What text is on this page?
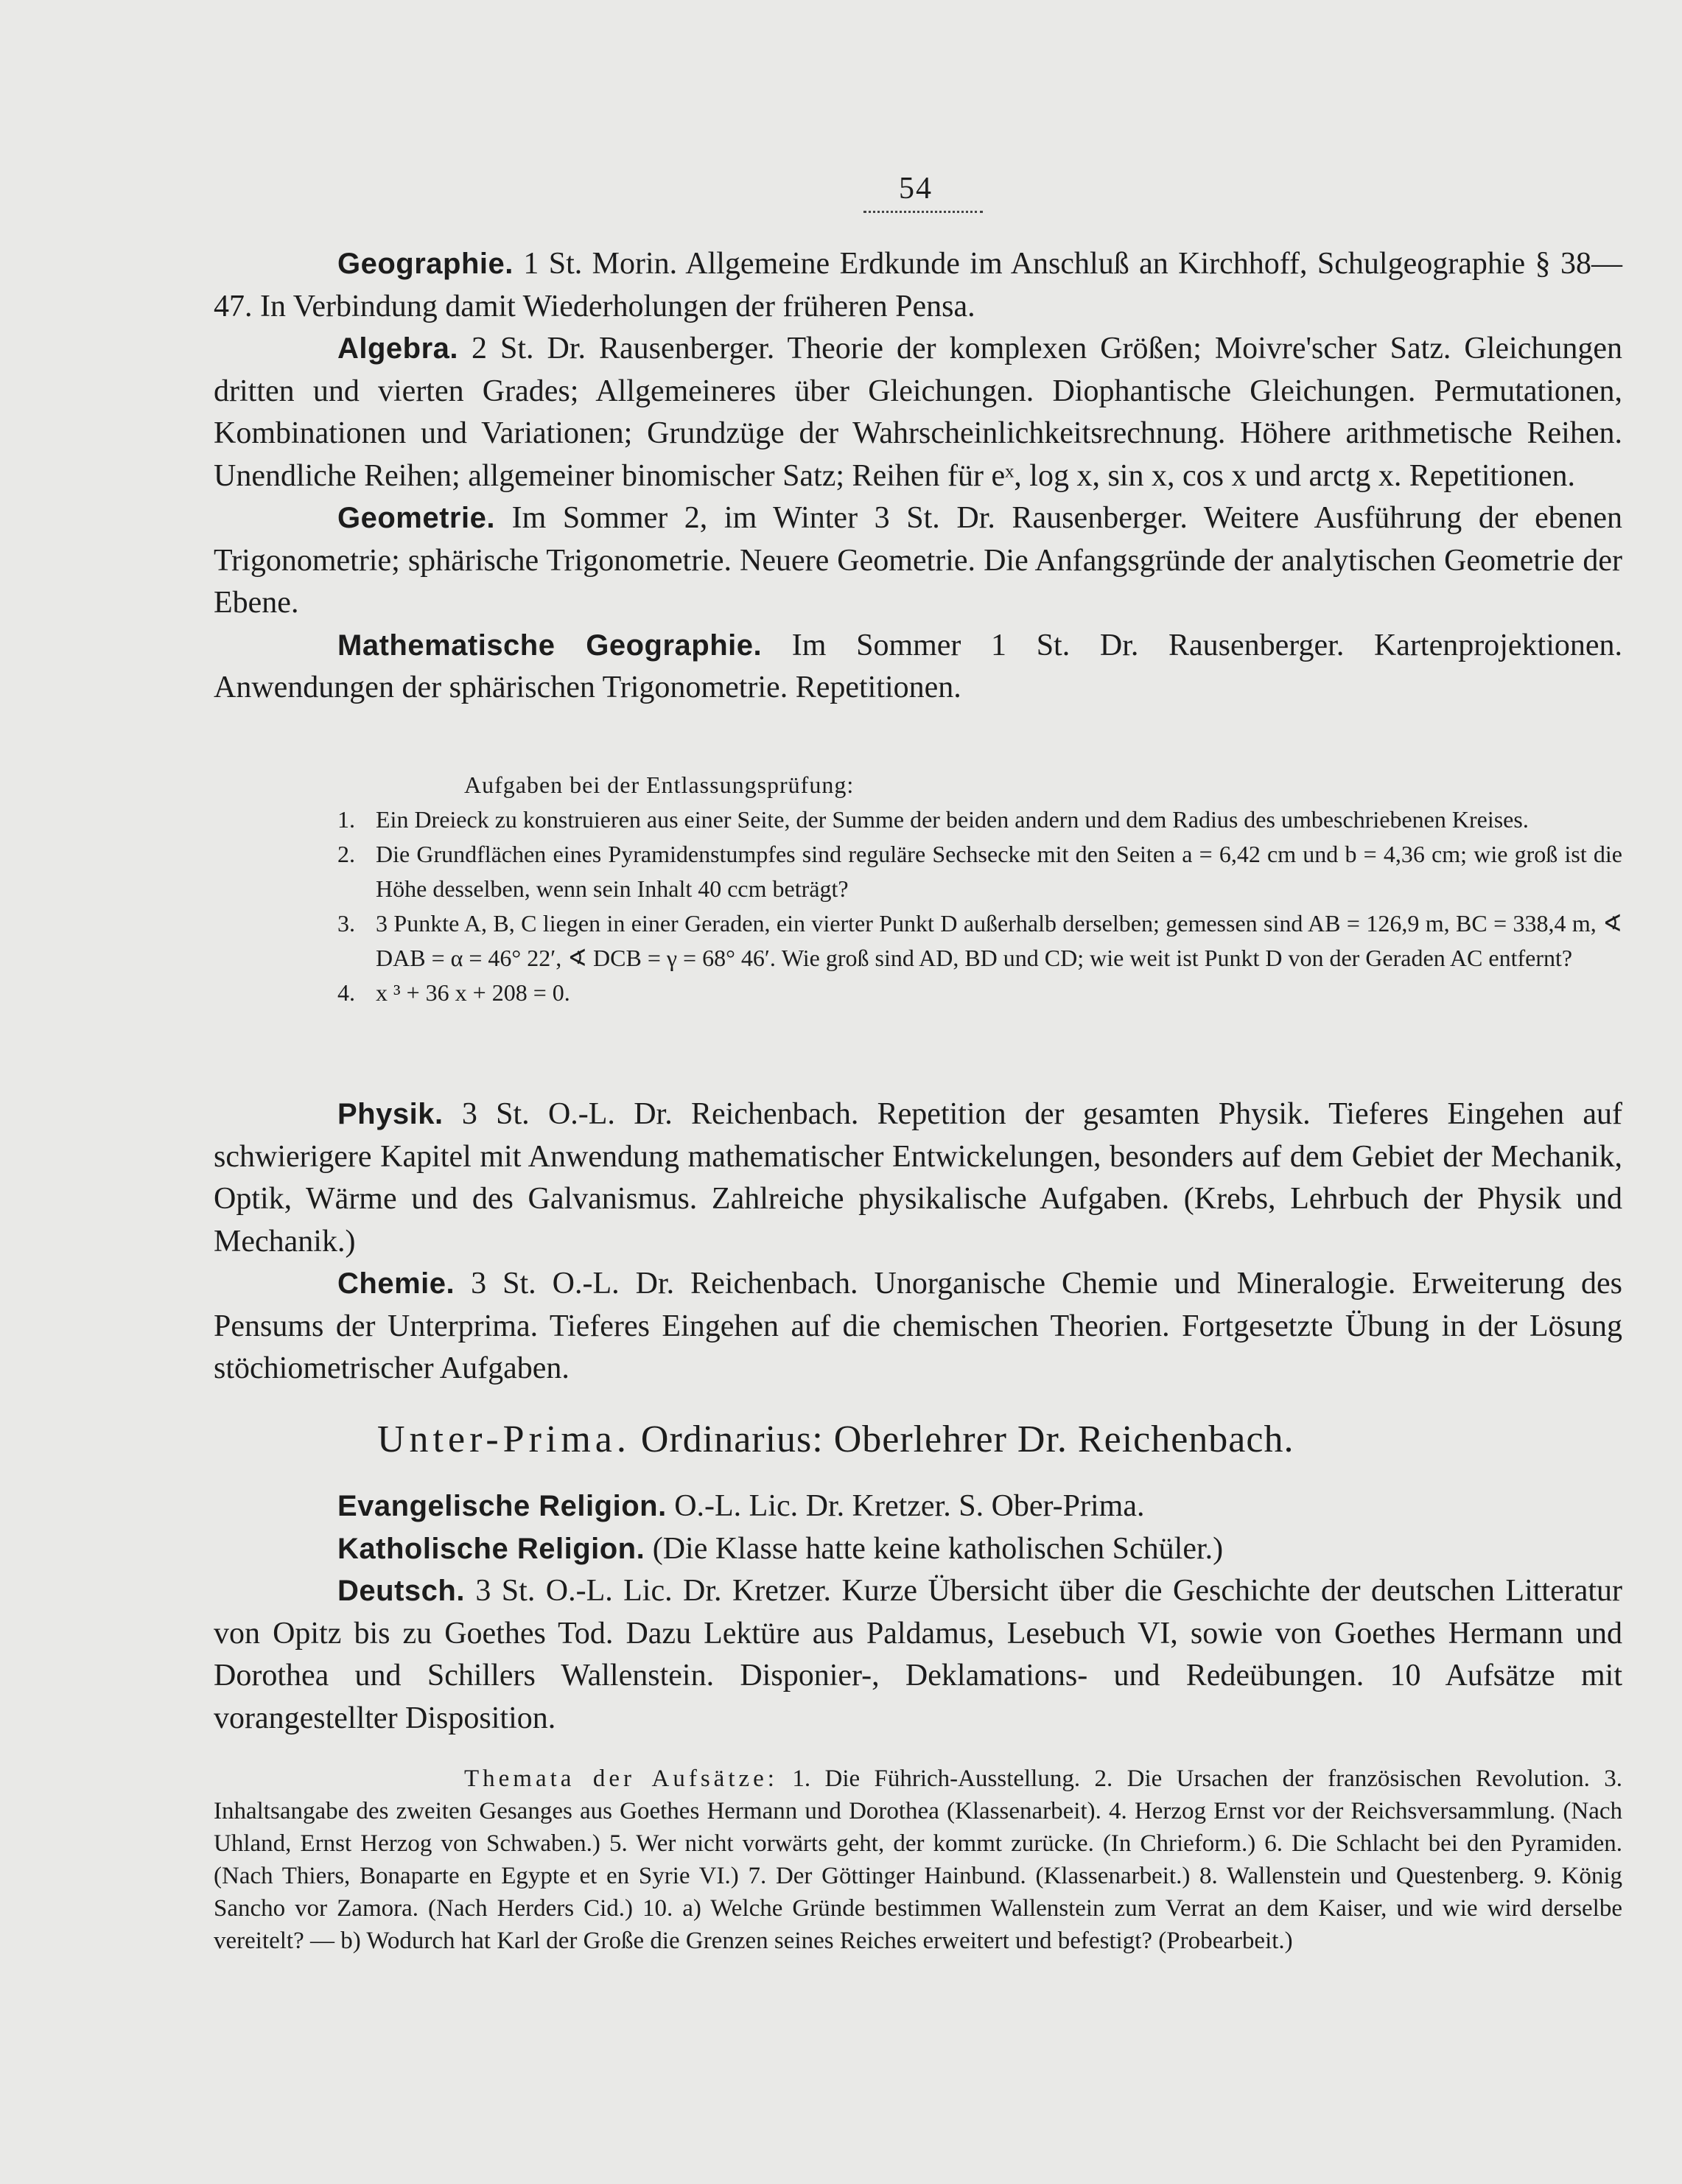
54

Geographie. 1 St. Morin. Allgemeine Erdkunde im Anschluß an Kirchhoff, Schulgeographie § 38—47. In Verbindung damit Wiederholungen der früheren Pensa.

Algebra. 2 St. Dr. Rausenberger. Theorie der komplexen Größen; Moivre'scher Satz. Gleichungen dritten und vierten Grades; Allgemeineres über Gleichungen. Diophantische Gleichungen. Permutationen, Kombinationen und Variationen; Grundzüge der Wahrscheinlichkeitsrechnung. Höhere arithmetische Reihen. Unendliche Reihen; allgemeiner binomischer Satz; Reihen für eˣ, log x, sin x, cos x und arctg x. Repetitionen.

Geometrie. Im Sommer 2, im Winter 3 St. Dr. Rausenberger. Weitere Ausführung der ebenen Trigonometrie; sphärische Trigonometrie. Neuere Geometrie. Die Anfangsgründe der analytischen Geometrie der Ebene.

Mathematische Geographie. Im Sommer 1 St. Dr. Rausenberger. Kartenprojektionen. Anwendungen der sphärischen Trigonometrie. Repetitionen.

Aufgaben bei der Entlassungsprüfung:
1. Ein Dreieck zu konstruieren aus einer Seite, der Summe der beiden andern und dem Radius des umbeschriebenen Kreises.
2. Die Grundflächen eines Pyramidenstumpfes sind reguläre Sechsecke mit den Seiten a = 6,42 cm und b = 4,36 cm; wie groß ist die Höhe desselben, wenn sein Inhalt 40 ccm beträgt?
3. 3 Punkte A, B, C liegen in einer Geraden, ein vierter Punkt D außerhalb derselben; gemessen sind AB = 126,9 m, BC = 338,4 m, ∢ DAB = α = 46° 22′, ∢ DCB = γ = 68° 46′. Wie groß sind AD, BD und CD; wie weit ist Punkt D von der Geraden AC entfernt?
4. x ³ + 36 x + 208 = 0.

Physik. 3 St. O.-L. Dr. Reichenbach. Repetition der gesamten Physik. Tieferes Eingehen auf schwierigere Kapitel mit Anwendung mathematischer Entwickelungen, besonders auf dem Gebiet der Mechanik, Optik, Wärme und des Galvanismus. Zahlreiche physikalische Aufgaben. (Krebs, Lehrbuch der Physik und Mechanik.)

Chemie. 3 St. O.-L. Dr. Reichenbach. Unorganische Chemie und Mineralogie. Erweiterung des Pensums der Unterprima. Tieferes Eingehen auf die chemischen Theorien. Fortgesetzte Übung in der Lösung stöchiometrischer Aufgaben.

Unter-Prima. Ordinarius: Oberlehrer Dr. Reichenbach.

Evangelische Religion. O.-L. Lic. Dr. Kretzer. S. Ober-Prima.

Katholische Religion. (Die Klasse hatte keine katholischen Schüler.)

Deutsch. 3 St. O.-L. Lic. Dr. Kretzer. Kurze Übersicht über die Geschichte der deutschen Litteratur von Opitz bis zu Goethes Tod. Dazu Lektüre aus Paldamus, Lesebuch VI, sowie von Goethes Hermann und Dorothea und Schillers Wallenstein. Disponier-, Deklamations- und Redeübungen. 10 Aufsätze mit vorangestellter Disposition.

Themata der Aufsätze: 1. Die Führich-Ausstellung. 2. Die Ursachen der französischen Revolution. 3. Inhaltsangabe des zweiten Gesanges aus Goethes Hermann und Dorothea (Klassenarbeit). 4. Herzog Ernst vor der Reichsversammlung. (Nach Uhland, Ernst Herzog von Schwaben.) 5. Wer nicht vorwärts geht, der kommt zurücke. (In Chrieform.) 6. Die Schlacht bei den Pyramiden. (Nach Thiers, Bonaparte en Egypte et en Syrie VI.) 7. Der Göttinger Hainbund. (Klassenarbeit.) 8. Wallenstein und Questenberg. 9. König Sancho vor Zamora. (Nach Herders Cid.) 10. a) Welche Gründe bestimmen Wallenstein zum Verrat an dem Kaiser, und wie wird derselbe vereitelt? — b) Wodurch hat Karl der Große die Grenzen seines Reiches erweitert und befestigt? (Probearbeit.)
